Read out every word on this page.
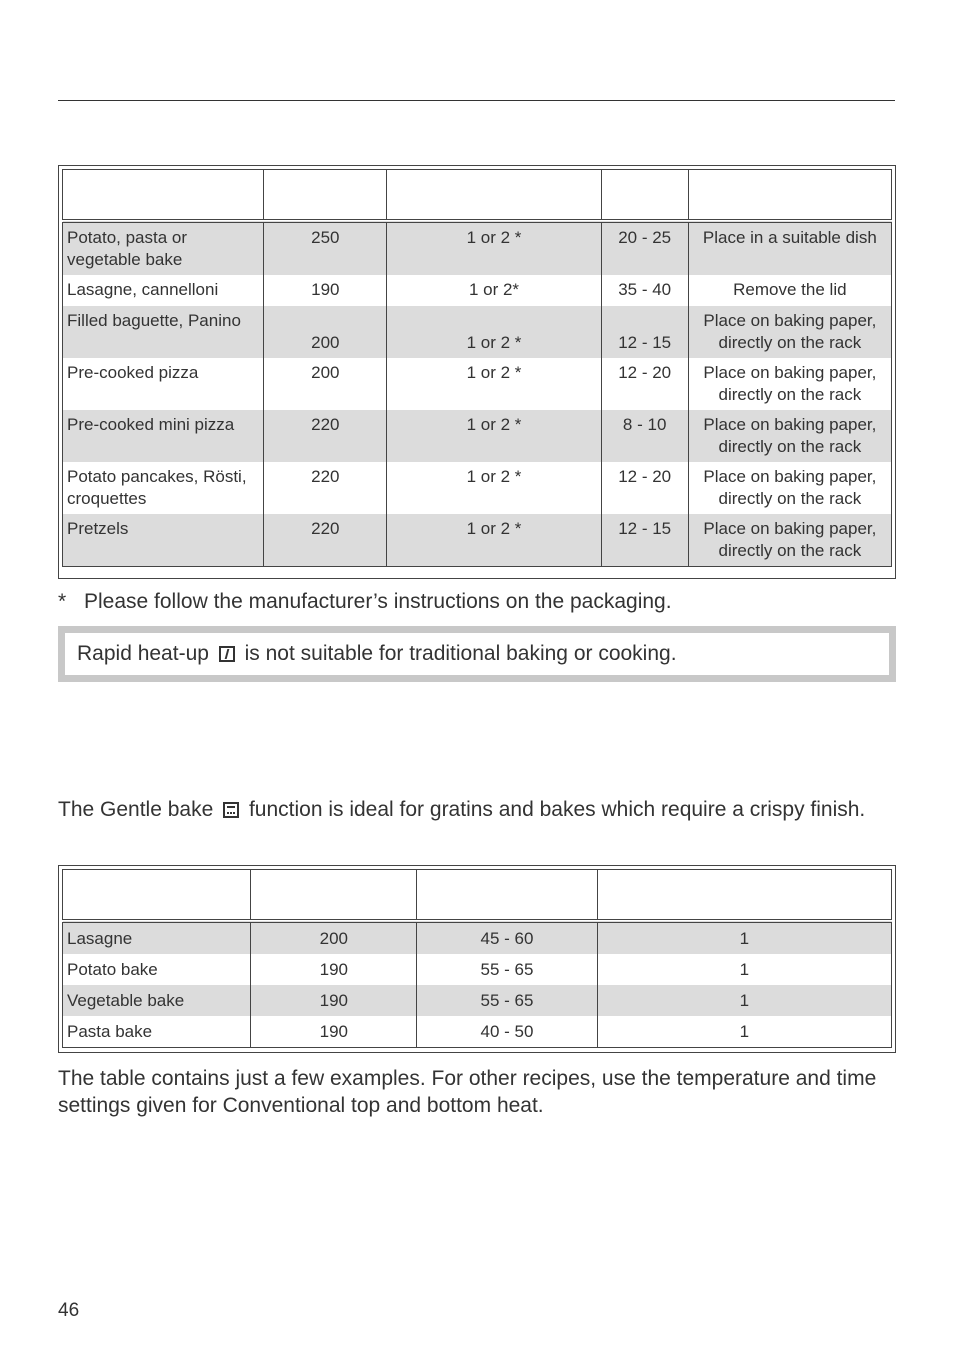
Potato, pasta or vegetable bake	250	1 or 2 *	20 - 25	Place in a suitable dish
Lasagne, cannelloni	190	1 or 2*	35 - 40	Remove the lid
Filled baguette, Panino	200	1 or 2 *	12 - 15	Place on baking paper, directly on the rack
Pre-cooked pizza	200	1 or 2 *	12 - 20	Place on baking paper, directly on the rack
Pre-cooked mini pizza	220	1 or 2 *	8 - 10	Place on baking paper, directly on the rack
Potato pancakes, Rösti, croquettes	220	1 or 2 *	12 - 20	Place on baking paper, directly on the rack
Pretzels	220	1 or 2 *	12 - 15	Place on baking paper, directly on the rack
* Please follow the manufacturer’s instructions on the packaging.
Rapid heat-up is not suitable for traditional baking or cooking.
The Gentle bake function is ideal for gratins and bakes which require a crispy finish.

Lasagne	200	45 - 60	1
Potato bake	190	55 - 65	1
Vegetable bake	190	55 - 65	1
Pasta bake	190	40 - 50	1
The table contains just a few examples. For other recipes, use the temperature and time settings given for Conventional top and bottom heat.
46
